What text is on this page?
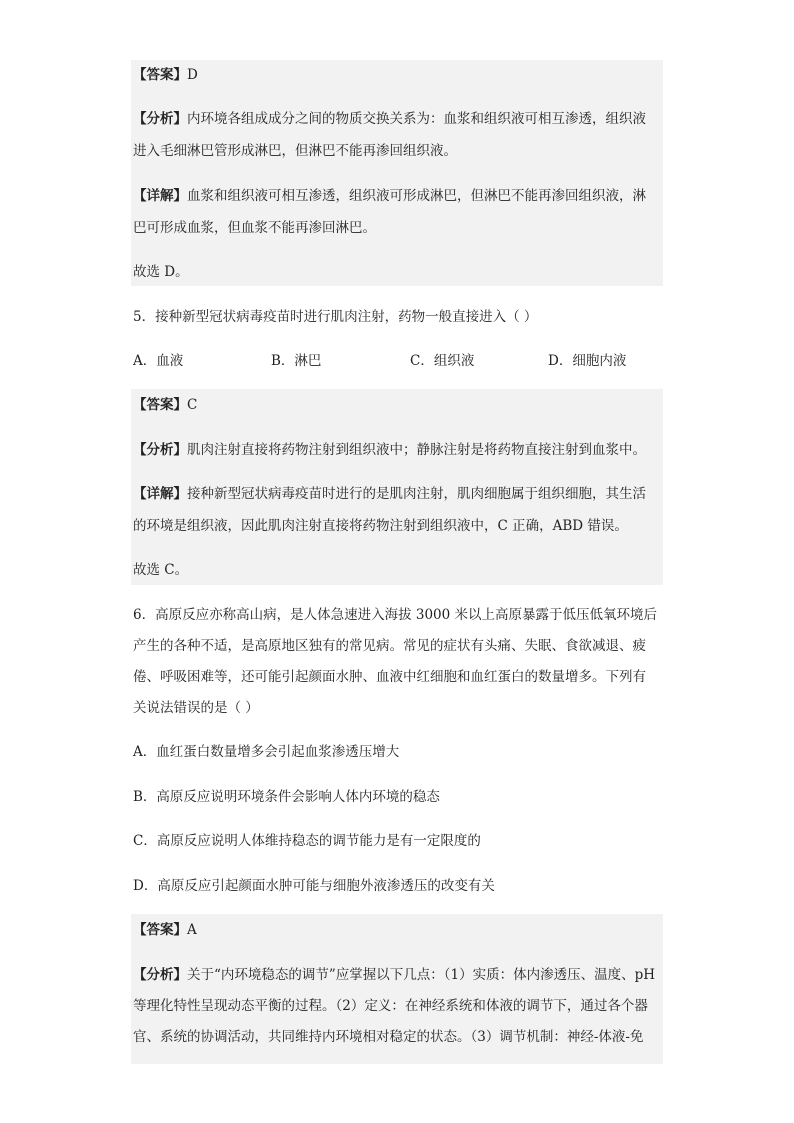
【答案】D
【分析】内环境各组成成分之间的物质交换关系为：血浆和组织液可相互渗透，组织液
进入毛细淋巴管形成淋巴，但淋巴不能再渗回组织液。
【详解】血浆和组织液可相互渗透，组织液可形成淋巴，但淋巴不能再渗回组织液，淋
巴可形成血浆，但血浆不能再渗回淋巴。
故选 D。
5．接种新型冠状病毒疫苗时进行肌肉注射，药物一般直接进入（ ）
A．血液	B．淋巴	C．组织液	D．细胞内液
【答案】C
【分析】肌肉注射直接将药物注射到组织液中；静脉注射是将药物直接注射到血浆中。
【详解】接种新型冠状病毒疫苗时进行的是肌肉注射，肌肉细胞属于组织细胞，其生活
的环境是组织液，因此肌肉注射直接将药物注射到组织液中，C 正确，ABD 错误。
故选 C。
6．高原反应亦称高山病，是人体急速进入海拔 3000 米以上高原暴露于低压低氧环境后
产生的各种不适，是高原地区独有的常见病。常见的症状有头痛、失眠、食欲减退、疲
倦、呼吸困难等，还可能引起颜面水肿、血液中红细胞和血红蛋白的数量增多。下列有
关说法错误的是（ ）
A．血红蛋白数量增多会引起血浆渗透压增大
B．高原反应说明环境条件会影响人体内环境的稳态
C．高原反应说明人体维持稳态的调节能力是有一定限度的
D．高原反应引起颜面水肿可能与细胞外液渗透压的改变有关
【答案】A
【分析】关于“内环境稳态的调节”应掌握以下几点：（1）实质：体内渗透压、温度、pH
等理化特性呈现动态平衡的过程。（2）定义：在神经系统和体液的调节下，通过各个器
官、系统的协调活动，共同维持内环境相对稳定的状态。（3）调节机制：神经-体液-免
